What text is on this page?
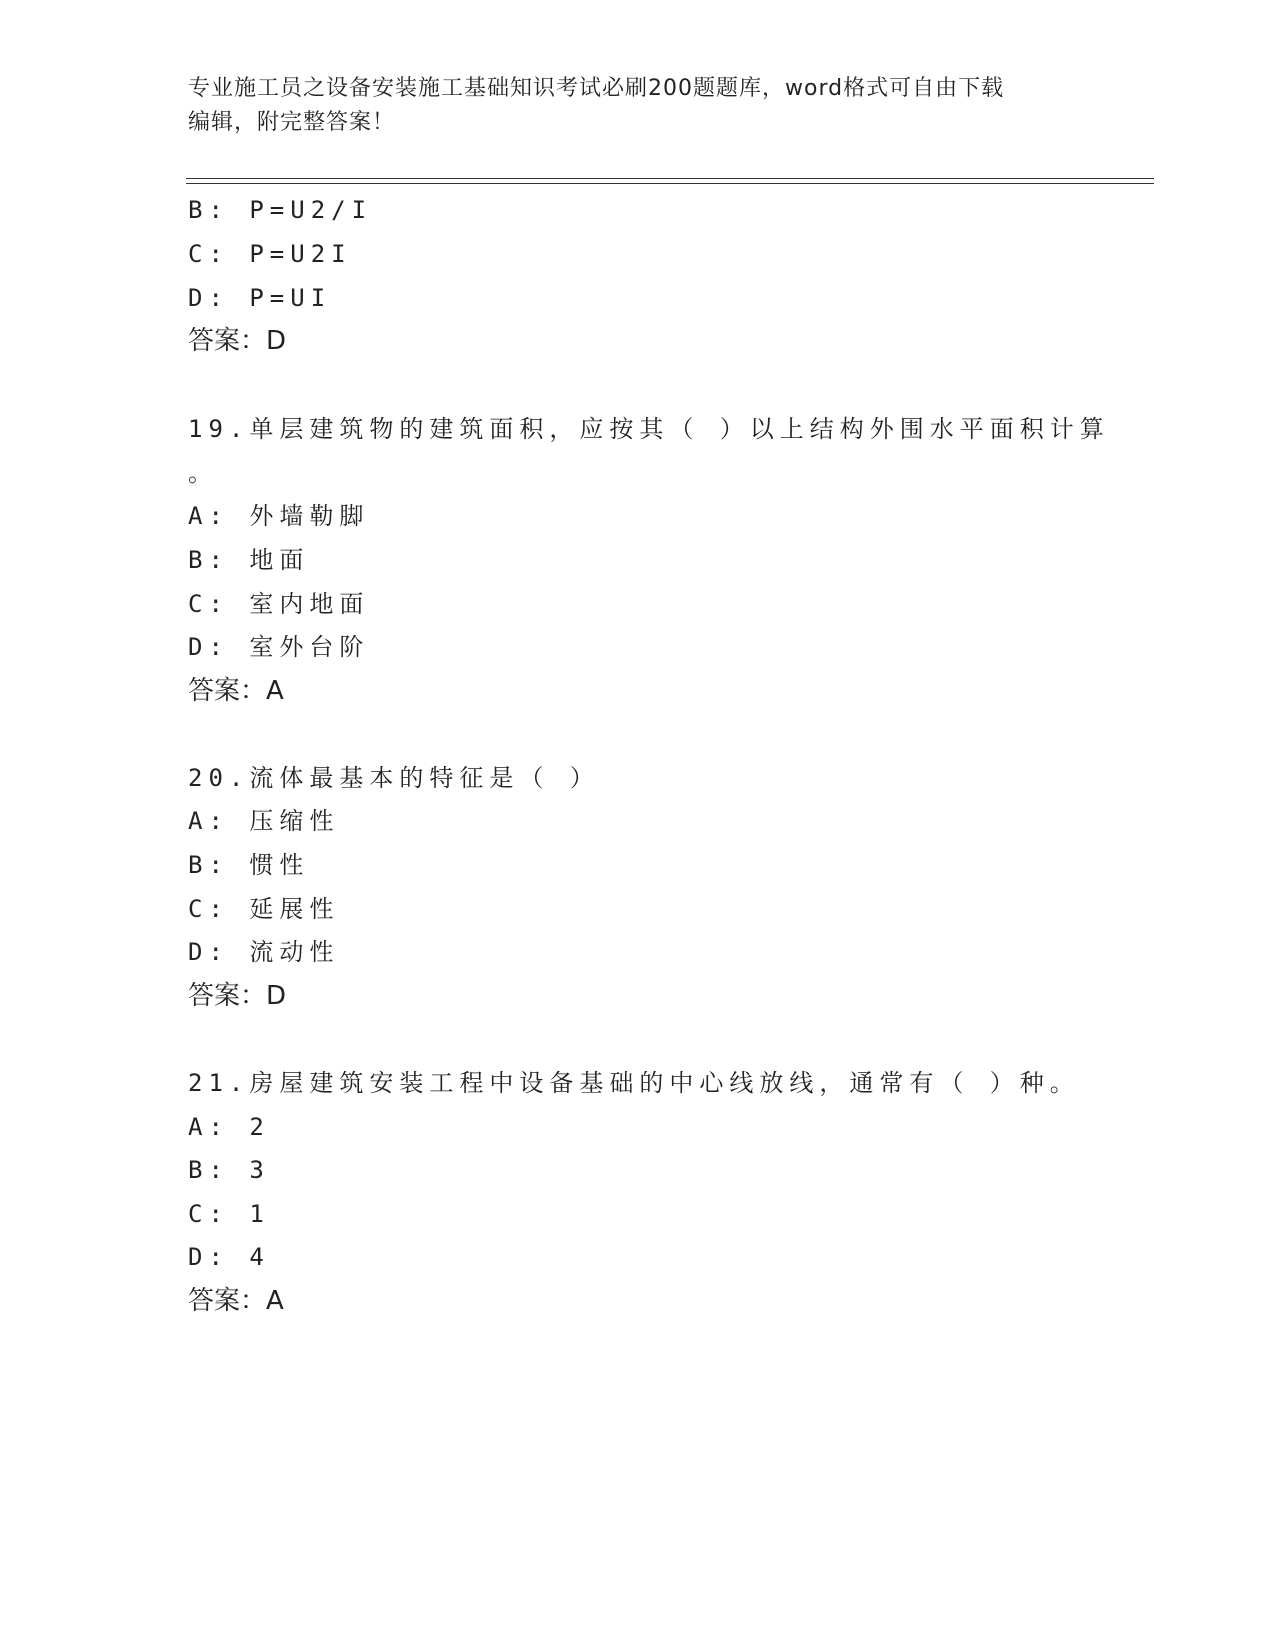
专业施工员之设备安装施工基础知识考试必刷200题题库，word格式可自由下载
编辑，附完整答案！
B: P=U2/I
C: P=U2I
D: P=UI
答案：D
19.单层建筑物的建筑面积，应按其（ ）以上结构外围水平面积计算
。
A: 外墙勒脚
B: 地面
C: 室内地面
D: 室外台阶
答案：A
20.流体最基本的特征是（ ）
A: 压缩性
B: 惯性
C: 延展性
D: 流动性
答案：D
21.房屋建筑安装工程中设备基础的中心线放线，通常有（ ）种。
A: 2
B: 3
C: 1
D: 4
答案：A
